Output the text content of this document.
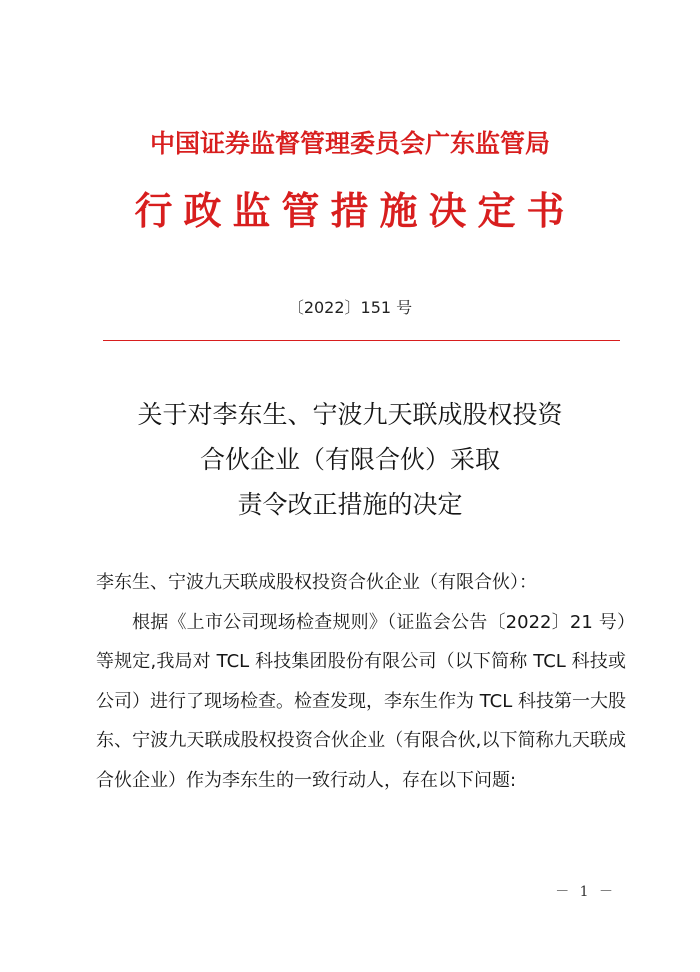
中国证券监督管理委员会广东监管局
行政监管措施决定书
〔2022〕151 号
关于对李东生、宁波九天联成股权投资
合伙企业（有限合伙）采取
责令改正措施的决定

李东生、宁波九天联成股权投资合伙企业（有限合伙）：

根据《上市公司现场检查规则》（证监会公告〔2022〕21 号）等规定,我局对 TCL 科技集团股份有限公司（以下简称 TCL 科技或公司）进行了现场检查。检查发现，李东生作为 TCL 科技第一大股东、宁波九天联成股权投资合伙企业（有限合伙,以下简称九天联成合伙企业）作为李东生的一致行动人，存在以下问题:

－ 1 －
